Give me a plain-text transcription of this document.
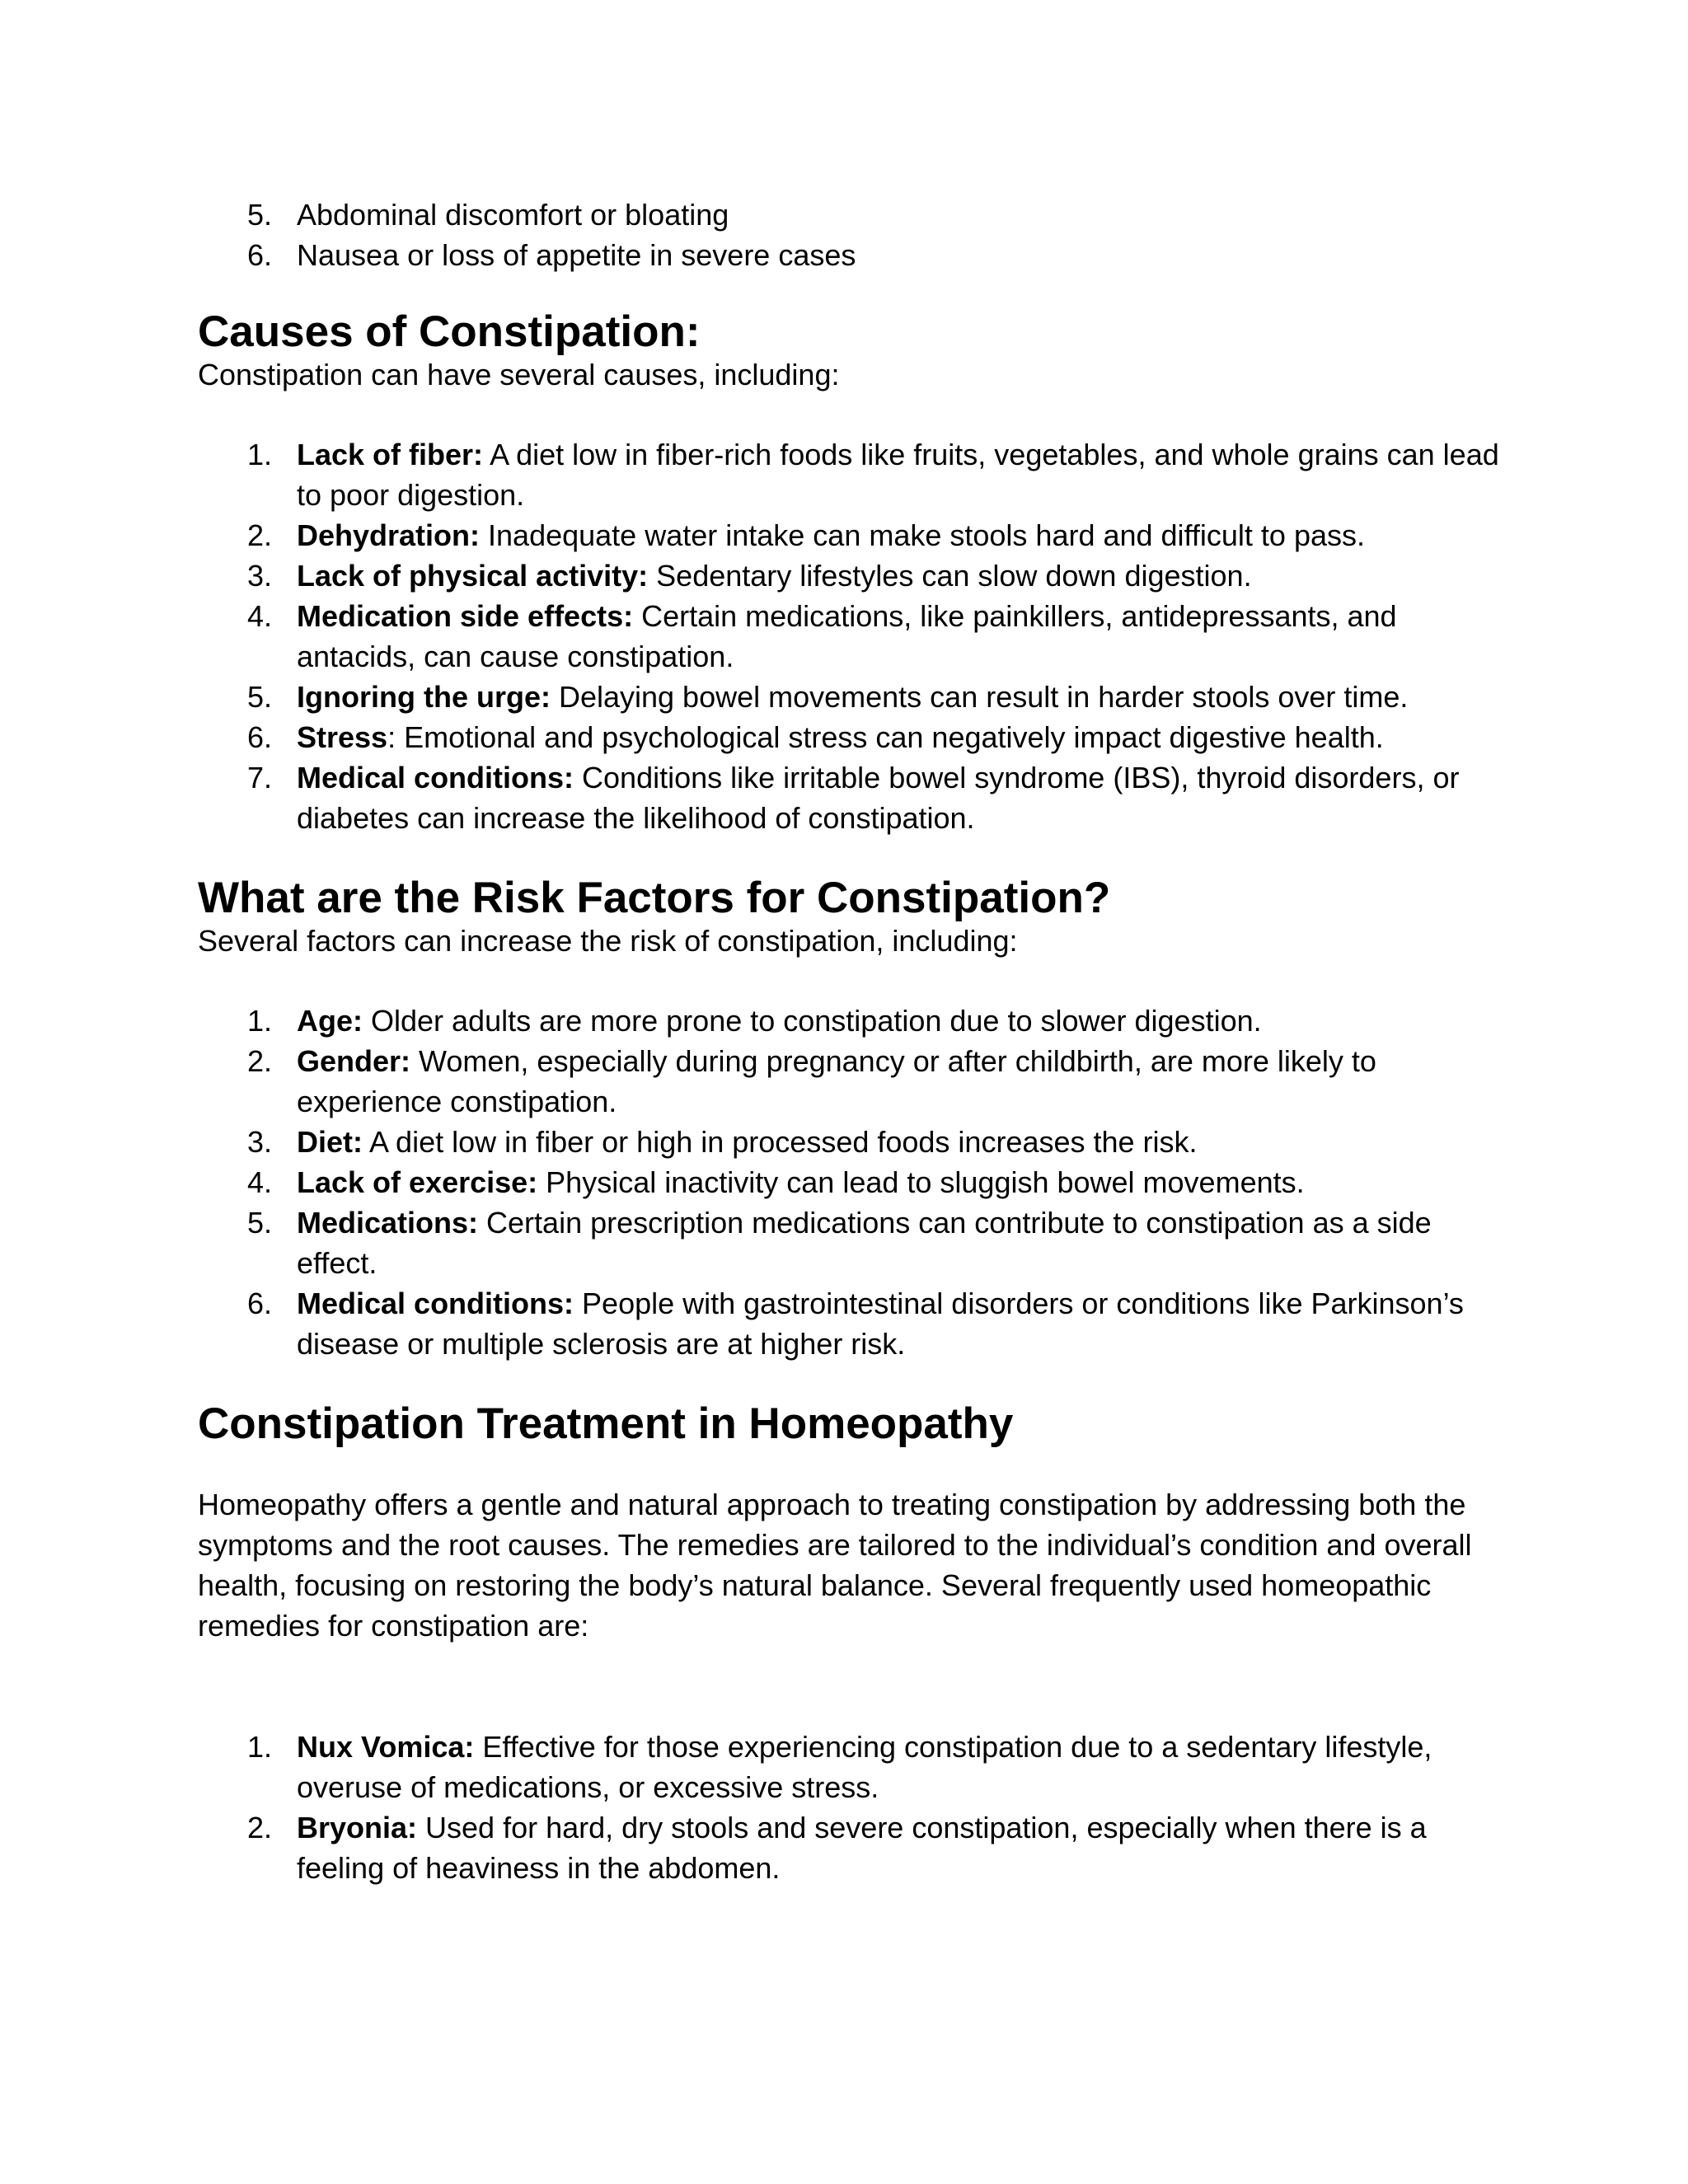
5. Abdominal discomfort or bloating
6. Nausea or loss of appetite in severe cases
Causes of Constipation:

Constipation can have several causes, including:

1. Lack of fiber: A diet low in fiber-rich foods like fruits, vegetables, and whole grains can lead to poor digestion.
2. Dehydration: Inadequate water intake can make stools hard and difficult to pass.
3. Lack of physical activity: Sedentary lifestyles can slow down digestion.
4. Medication side effects: Certain medications, like painkillers, antidepressants, and antacids, can cause constipation.
5. Ignoring the urge: Delaying bowel movements can result in harder stools over time.
6. Stress: Emotional and psychological stress can negatively impact digestive health.
7. Medical conditions: Conditions like irritable bowel syndrome (IBS), thyroid disorders, or diabetes can increase the likelihood of constipation.
What are the Risk Factors for Constipation?

Several factors can increase the risk of constipation, including:

1. Age: Older adults are more prone to constipation due to slower digestion.
2. Gender: Women, especially during pregnancy or after childbirth, are more likely to experience constipation.
3. Diet: A diet low in fiber or high in processed foods increases the risk.
4. Lack of exercise: Physical inactivity can lead to sluggish bowel movements.
5. Medications: Certain prescription medications can contribute to constipation as a side effect.
6. Medical conditions: People with gastrointestinal disorders or conditions like Parkinson’s disease or multiple sclerosis are at higher risk.
Constipation Treatment in Homeopathy

Homeopathy offers a gentle and natural approach to treating constipation by addressing both the symptoms and the root causes. The remedies are tailored to the individual’s condition and overall health, focusing on restoring the body’s natural balance. Several frequently used homeopathic remedies for constipation are:

1. Nux Vomica: Effective for those experiencing constipation due to a sedentary lifestyle, overuse of medications, or excessive stress.
2. Bryonia: Used for hard, dry stools and severe constipation, especially when there is a feeling of heaviness in the abdomen.
